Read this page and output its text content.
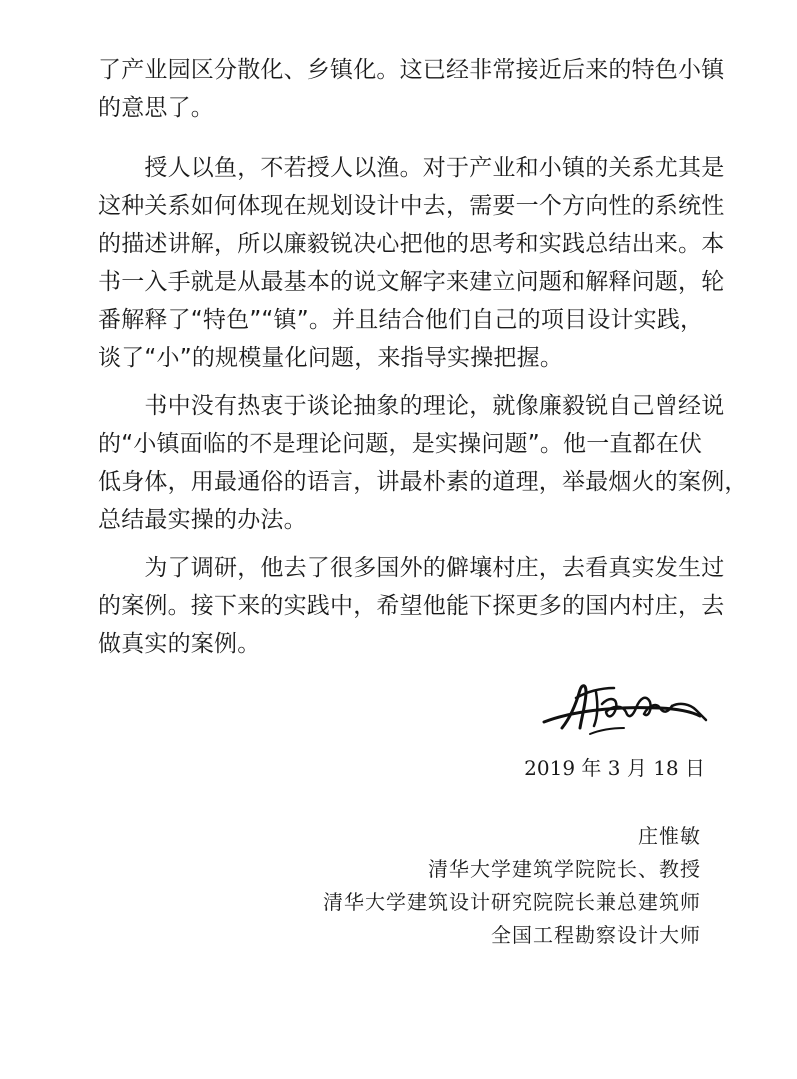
了产业园区分散化、乡镇化。这已经非常接近后来的特色小镇
的意思了。
　　授人以鱼，不若授人以渔。对于产业和小镇的关系尤其是
这种关系如何体现在规划设计中去，需要一个方向性的系统性
的描述讲解，所以廉毅锐决心把他的思考和实践总结出来。本
书一入手就是从最基本的说文解字来建立问题和解释问题，轮
番解释了“特色”“镇”。并且结合他们自己的项目设计实践，
谈了“小”的规模量化问题，来指导实操把握。
　　书中没有热衷于谈论抽象的理论，就像廉毅锐自己曾经说
的“小镇面临的不是理论问题，是实操问题”。他一直都在伏
低身体，用最通俗的语言，讲最朴素的道理，举最烟火的案例，
总结最实操的办法。
　　为了调研，他去了很多国外的僻壤村庄，去看真实发生过
的案例。接下来的实践中，希望他能下探更多的国内村庄，去
做真实的案例。
2019 年 3 月 18 日
庄惟敏
清华大学建筑学院院长、教授
清华大学建筑设计研究院院长兼总建筑师
全国工程勘察设计大师
